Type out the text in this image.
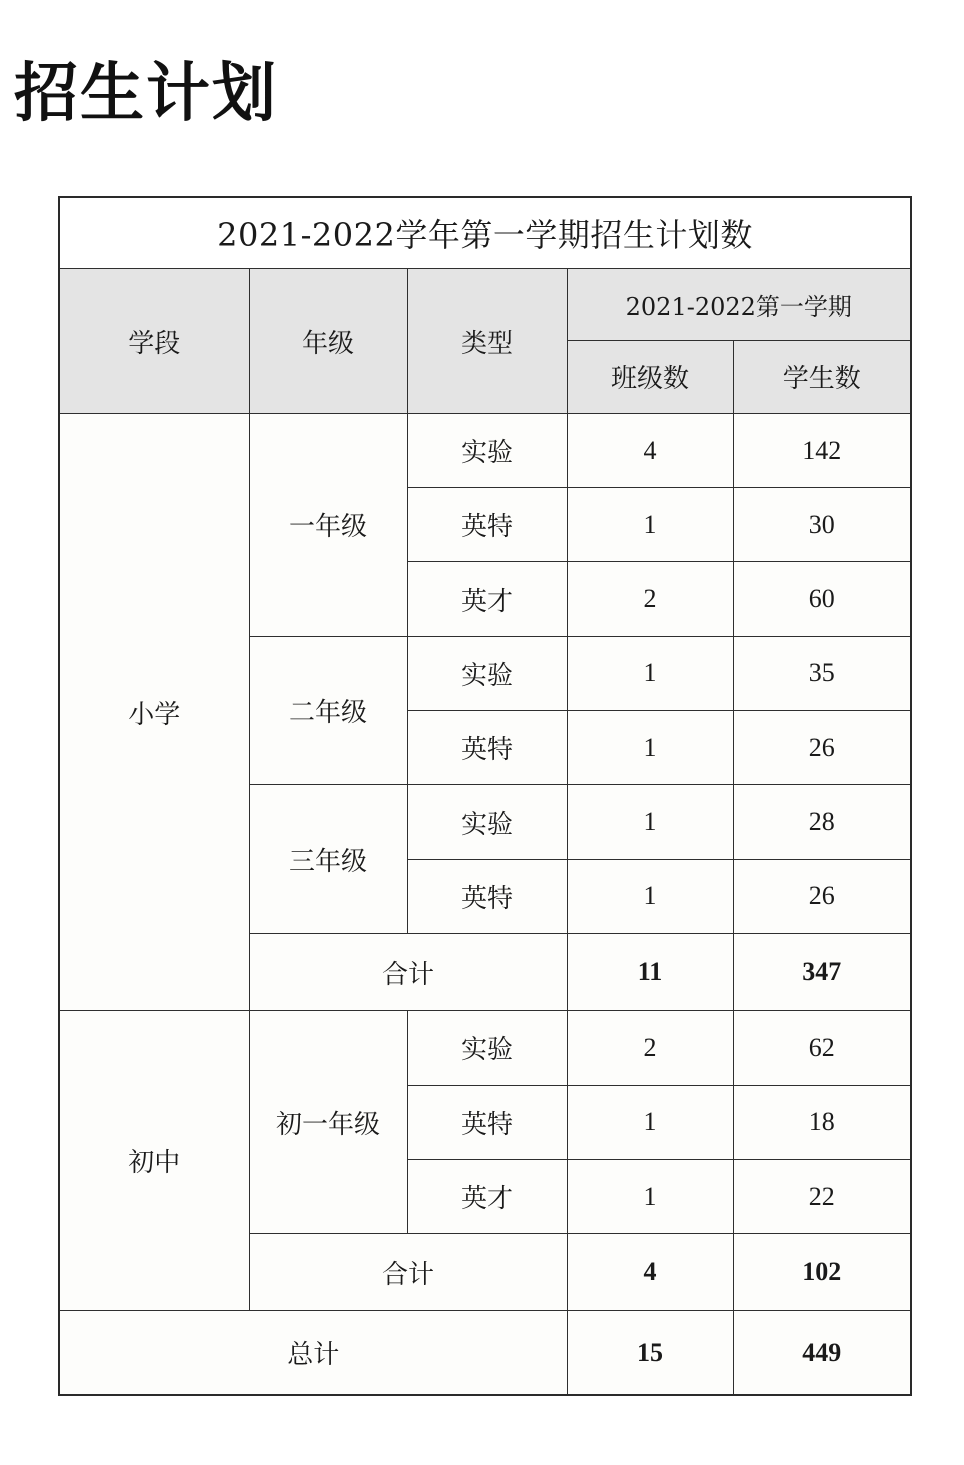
招生计划
2021-2022学年第一学期招生计划数				
学段	年级	类型	2021-2022第一学期	
			班级数	学生数
小学	一年级	实验	4	142
		英特	1	30
		英才	2	60
	二年级	实验	1	35
		英特	1	26
	三年级	实验	1	28
		英特	1	26
	合计		11	347
初中	初一年级	实验	2	62
		英特	1	18
		英才	1	22
	合计		4	102
总计			15	449
